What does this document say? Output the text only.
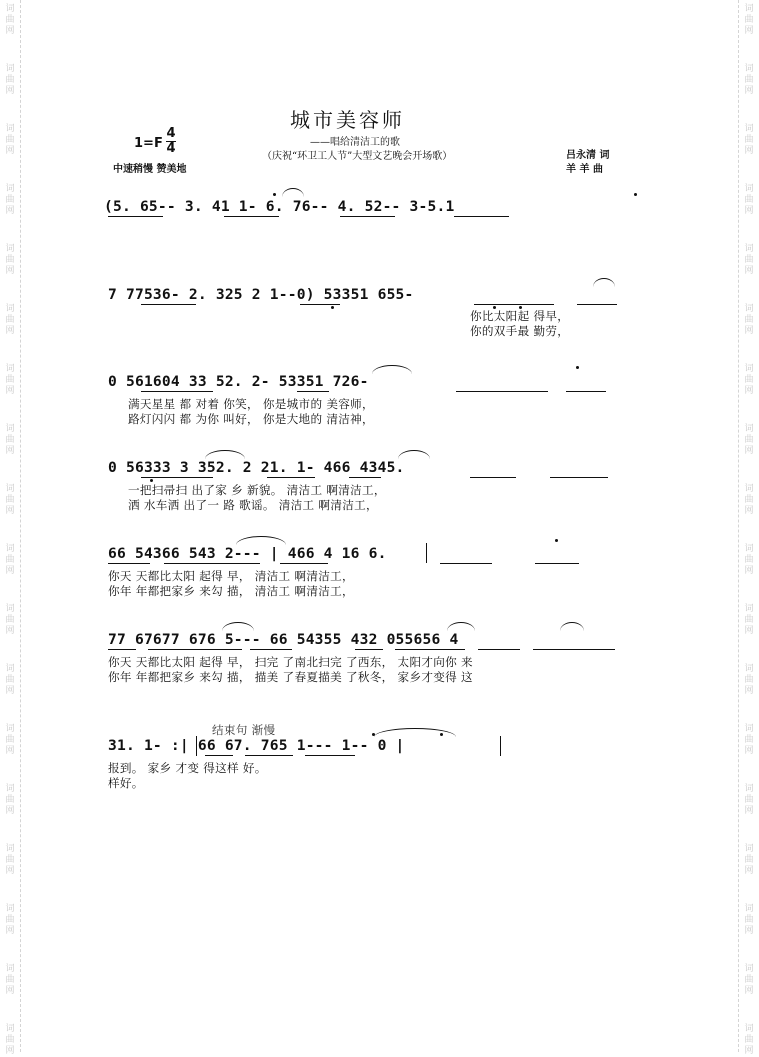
词
曲
网
词
曲
网
词
曲
网
词
曲
网
词
曲
网
词
曲
网
词
曲
网
词
曲
网
词
曲
网
词
曲
网
词
曲
网
词
曲
网
词
曲
网
词
曲
网
词
曲
网
词
曲
网
词
曲
网
词
曲
网
词
曲
网
词
曲
网
词
曲
网
词
曲
网
词
曲
网
词
曲
网
词
曲
网
词
曲
网
词
曲
网
词
曲
网
词
曲
网
词
曲
网
词
曲
网
词
曲
网
词
曲
网
词
曲
网
词
曲
网
词
曲
网
城市美容师
——唱给清洁工的歌
（庆祝“环卫工人节”大型文艺晚会开场歌）
1=F
4
4
中速稍慢 赞美地
吕永清 词
羊 羊 曲
(5. 65-- 3. 41 1- 6. 76-- 4. 52-- 3-5.1
7 77536- 2. 325 2 1--0) 53351 655-
你比太阳起 得早，
你的双手最 勤劳，
0 561604 33 52. 2- 53351 726-
满天星星 都 对着 你笑， 你是城市的 美容师，
路灯闪闪 都 为你 叫好， 你是大地的 清洁神，
0 56333 3 352. 2 21. 1- 466 4345.
一把扫帚扫 出了家 乡 新貌。 清洁工 啊清洁工，
洒 水车洒 出了一 路 歌谣。 清洁工 啊清洁工，
66 54366 543 2--- | 466 4 16 6.
你天 天都比太阳 起得 早， 清洁工 啊清洁工，
你年 年都把家乡 来勾 描， 清洁工 啊清洁工，
77 67677 676 5--- 66 54355 432 055656 4
你天 天都比太阳 起得 早， 扫完 了南北扫完 了西东， 太阳才向你 来
你年 年都把家乡 来勾 描， 描美 了春夏描美 了秋冬， 家乡才变得 这
结束句 渐慢
31. 1- :| 66 67. 765 1--- 1-- 0 |
报到。 家乡 才变 得这样 好。
样好。
